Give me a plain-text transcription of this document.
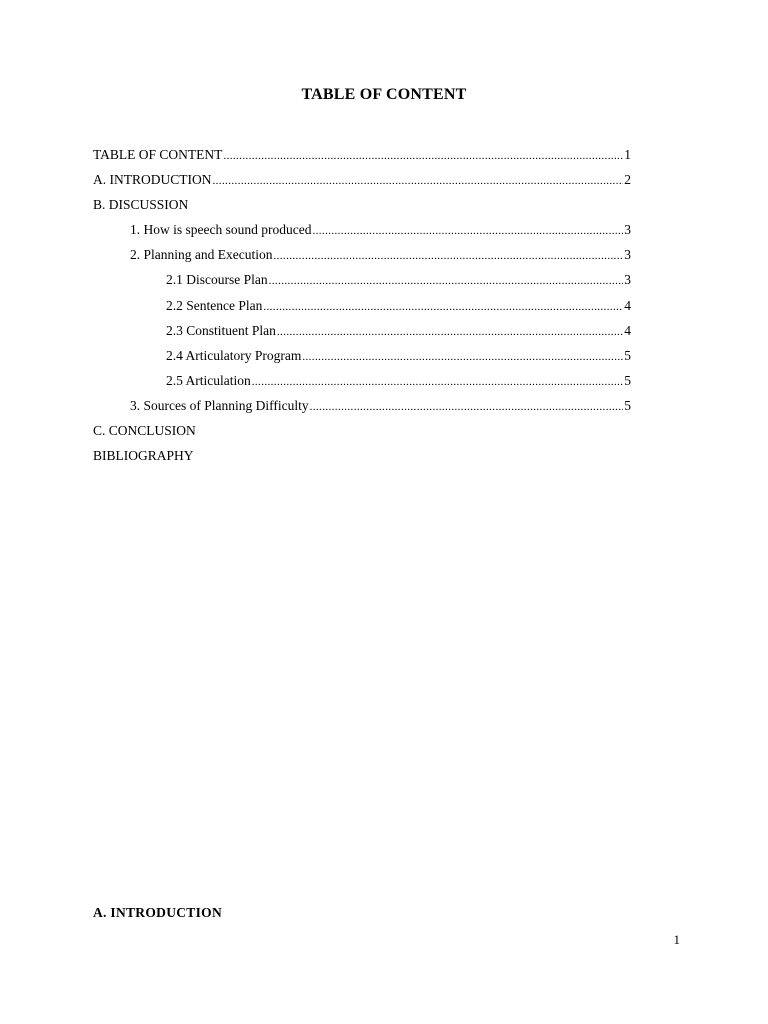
TABLE OF CONTENT
TABLE OF CONTENT .....	1
A. INTRODUCTION .....	2
B. DISCUSSION
1. How is speech sound produced .....	3
2. Planning and Execution .....	3
2.1 Discourse Plan .....	3
2.2 Sentence Plan .....	4
2.3 Constituent Plan .....	4
2.4 Articulatory Program .....	5
2.5 Articulation .....	5
3. Sources of Planning Difficulty .....	5
C. CONCLUSION
BIBLIOGRAPHY
A. INTRODUCTION
1
